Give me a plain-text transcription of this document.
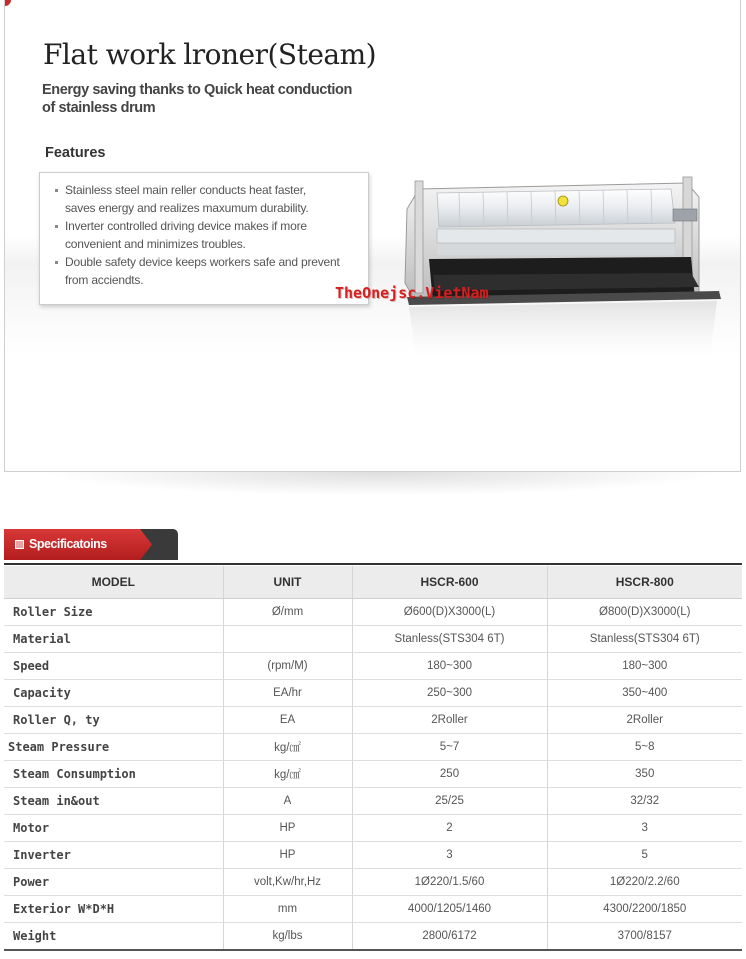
Flat work lroner(Steam)
Energy saving thanks to Quick heat conduction
of stainless drum
Features
Stainless steel main reller conducts heat faster,
saves energy and realizes maxumum durability.
Inverter controlled driving device makes if more
convenient and minimizes troubles.
Double safety device keeps workers safe and prevent
from acciendts.
TheOnejsc.VietNam
Specificatoins
MODEL	UNIT	HSCR-600	HSCR-800
Roller Size	Ø/mm	Ø600(D)X3000(L)	Ø800(D)X3000(L)
Material		Stanless(STS304 6T)	Stanless(STS304 6T)
Speed	(rpm/M)	180~300	180~300
Capacity	EA/hr	250~300	350~400
Roller Q, ty	EA	2Roller	2Roller
Steam Pressure	kg/㎠	5~7	5~8
Steam Consumption	kg/㎠	250	350
Steam in&out	A	25/25	32/32
Motor	HP	2	3
Inverter	HP	3	5
Power	volt,Kw/hr,Hz	1Ø220/1.5/60	1Ø220/2.2/60
Exterior W*D*H	mm	4000/1205/1460	4300/2200/1850
Weight	kg/lbs	2800/6172	3700/8157
